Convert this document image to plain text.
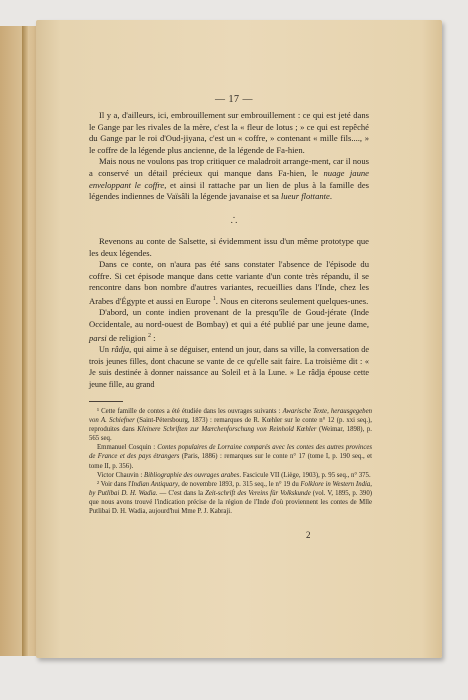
— 17 —

Il y a, d'ailleurs, ici, embrouillement sur embrouillement : ce qui est jeté dans le Gange par les rivales de la mère, c'est la « fleur de lotus ; » ce qui est repêché du Gange par le roi d'Oud-jiyana, c'est un « coffre, » contenant « mille fils...., » le coffre de la légende plus ancienne, de la légende de Fa-hien.

Mais nous ne voulons pas trop critiquer ce maladroit arrange-ment, car il nous a conservé un détail précieux qui manque dans Fa-hien, le nuage jaune enveloppant le coffre, et ainsi il rattache par un lien de plus à la famille des légendes indiennes de Vaïsâli la légende javanaise et sa lueur flottante.

.
. .

Revenons au conte de Salsette, si évidemment issu d'un même prototype que les deux légendes.

Dans ce conte, on n'aura pas été sans constater l'absence de l'épisode du coffre. Si cet épisode manque dans cette variante d'un conte très répandu, il se rencontre dans bon nombre d'autres variantes, recueillies dans l'Inde, chez les Arabes d'Égypte et aussi en Europe $^1$. Nous en citerons seulement quelques-unes.

D'abord, un conte indien provenant de la presqu'île de Goud-jérate (Inde Occidentale, au nord-ouest de Bombay) et qui a été publié par une jeune dame, parsi de religion $^2$ :

Un râdja, qui aime à se déguiser, entend un jour, dans sa ville, la conversation de trois jeunes filles, dont chacune se vante de ce qu'elle sait faire. La troisième dit : « Je suis destinée à donner naissance au Soleil et à la Lune. » Le râdja épouse cette jeune fille, au grand

¹ Cette famille de contes a été étudiée dans les ouvrages suivants : Awarische Texte, herausgegeben von A. Schiefner (Saint-Pétersbourg, 1873) : remarques de R. Kœhler sur le conte n° 12 (p. xxi seq.), reproduites dans Kleinere Schriften zur Mærchenforschung von Reinhold Kœhler (Weimar, 1898), p. 565 seq.

Emmanuel Cosquin : Contes populaires de Lorraine comparés avec les contes des autres provinces de France et des pays étrangers (Paris, 1886) : remarques sur le conte n° 17 (tome I, p. 190 seq., et tome II, p. 356).

Victor Chauvin : Bibliographie des ouvrages arabes. Fascicule VII (Liège, 1903), p. 95 seq., n° 375.

² Voir dans l'Indian Antiquary, de novembre 1893, p. 315 seq., le n° 19 du Folklore in Western India, by Putlibai D. H. Wadia. — C'est dans la Zeit-schrift des Vereins für Volkskunde (vol. V, 1895, p. 390) que nous avons trouvé l'indication précise de la région de l'Inde d'où proviennent les contes de Mlle Putlibai D. H. Wadia, aujourd'hui Mme P. J. Kabraji.

2
